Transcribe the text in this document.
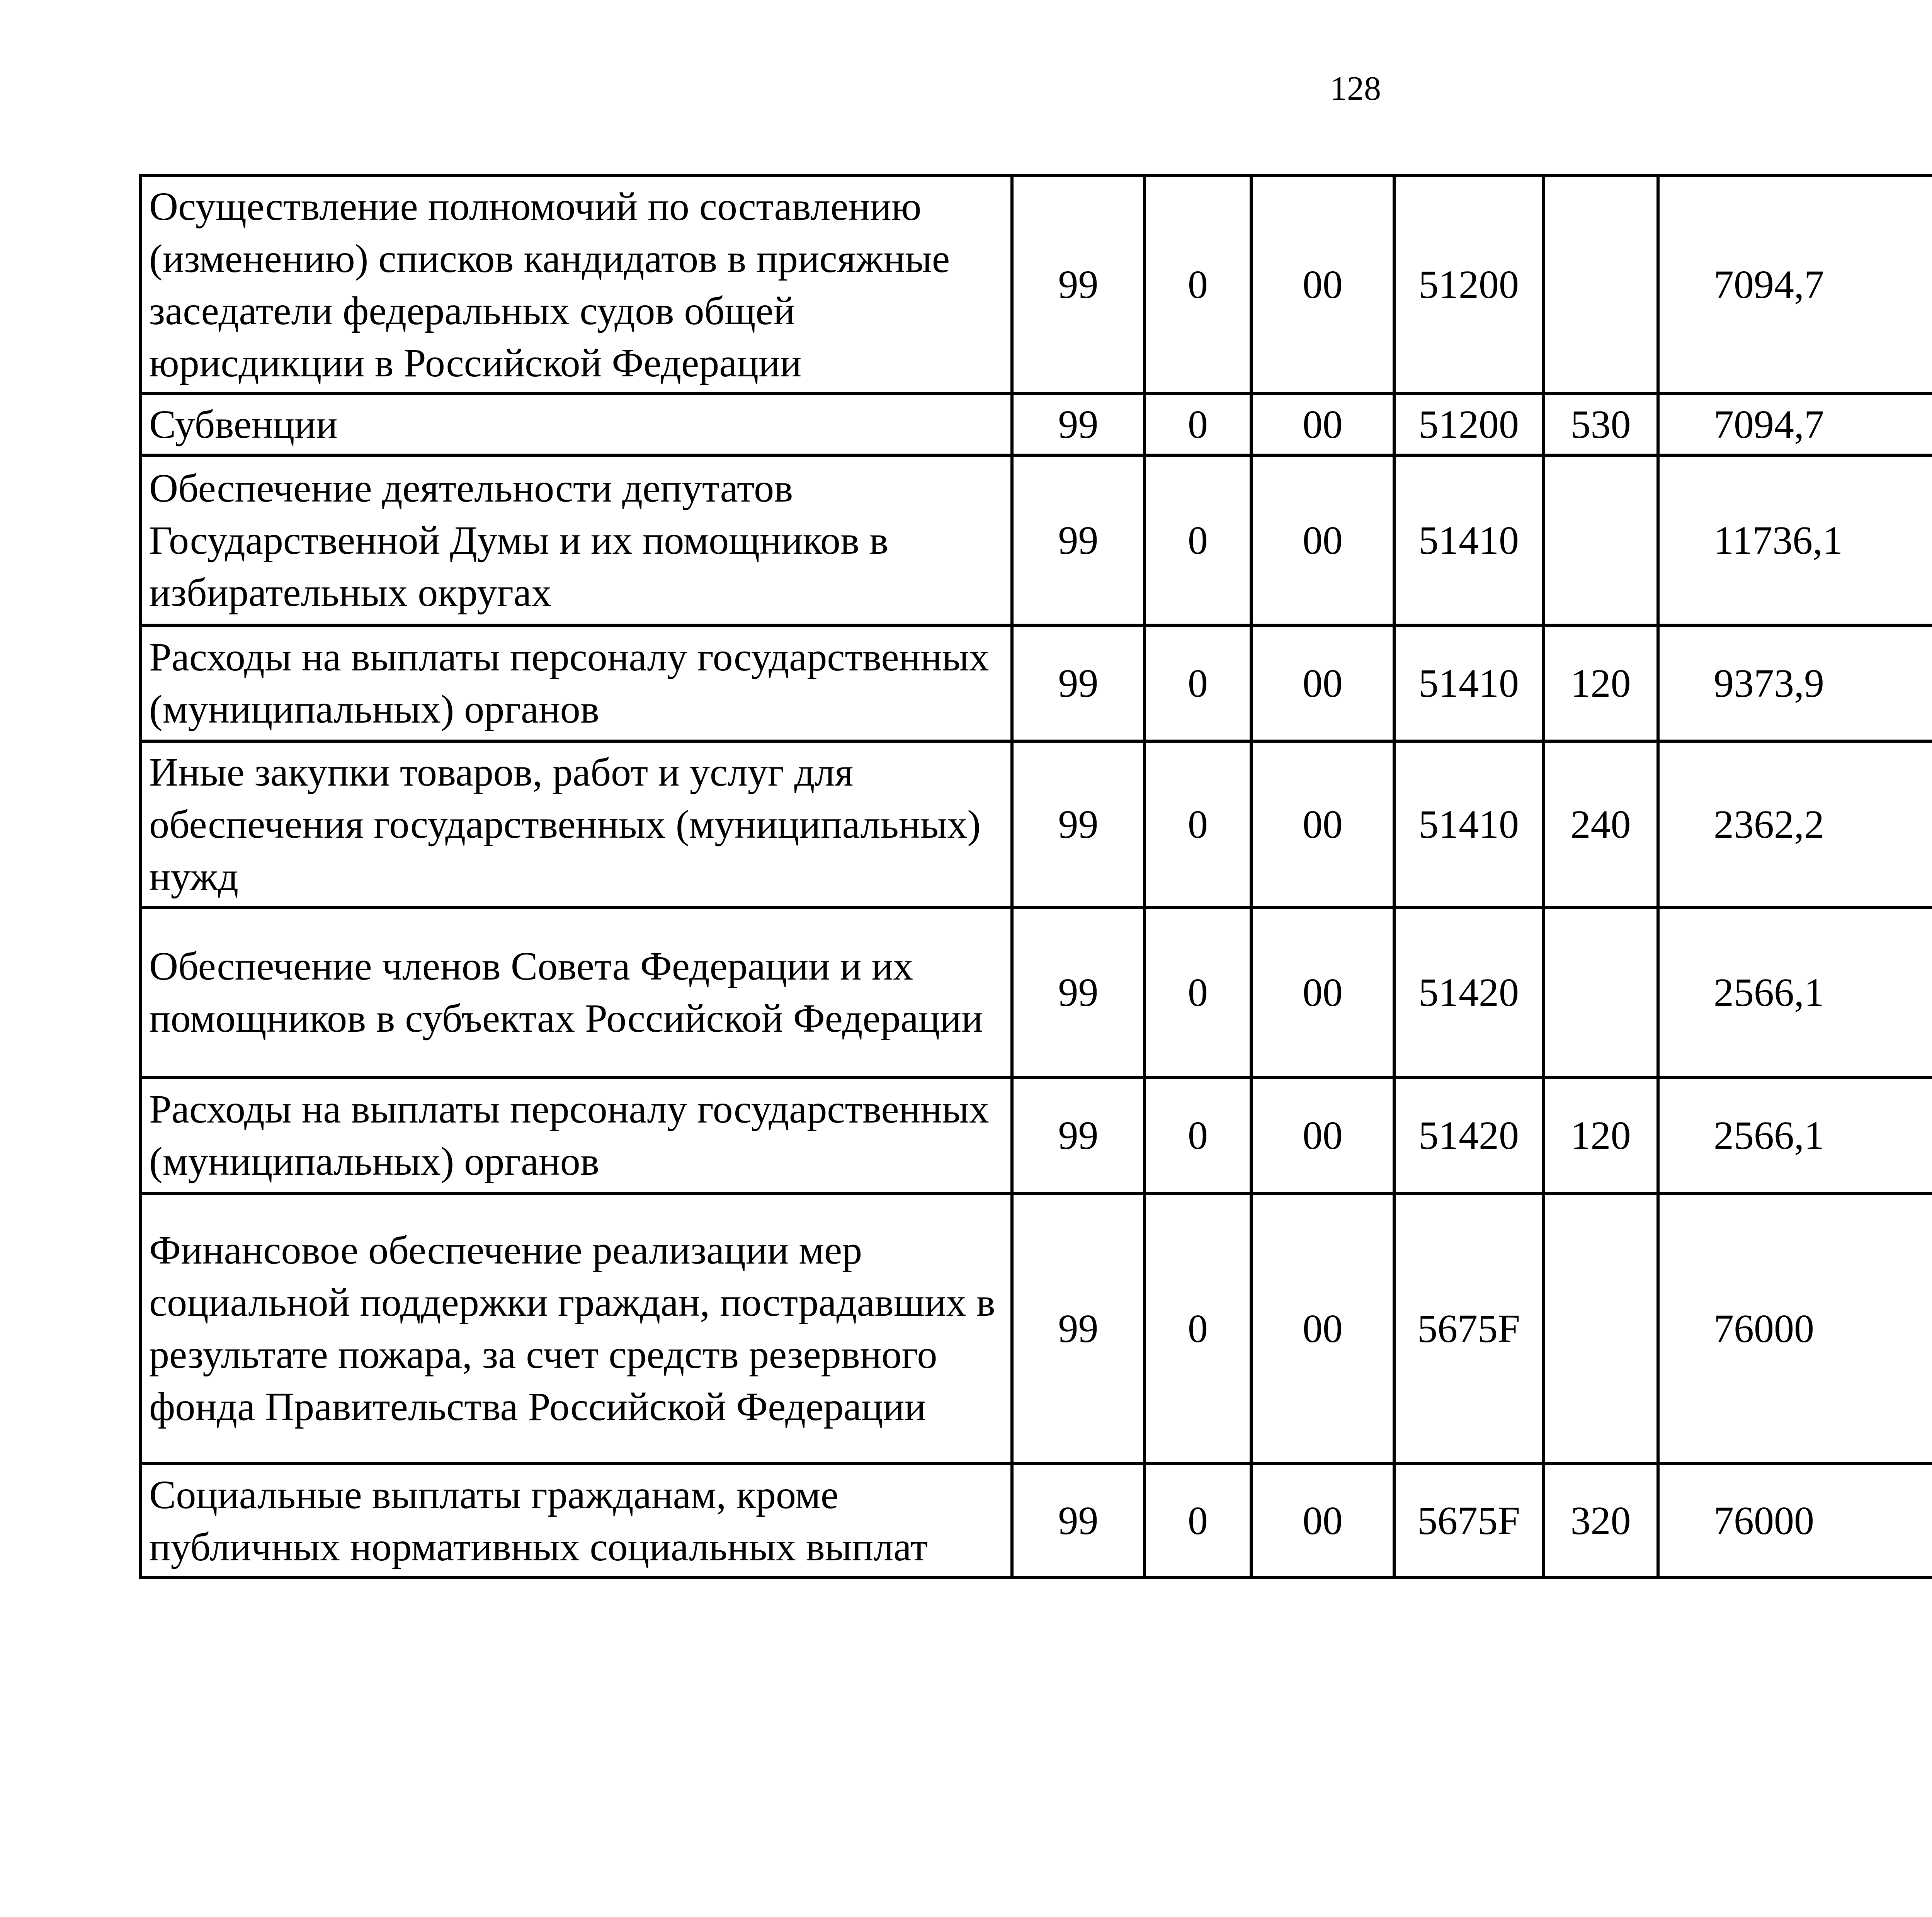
128
Осуществление полномочий по составлению (изменению) списков кандидатов в присяжные заседатели федеральных судов общей юрисдикции в Российской Федерации	99	0	00	51200		7094,7		
Субвенции	99	0	00	51200	530	7094,7		
Обеспечение деятельности депутатов Государственной Думы и их помощников в избирательных округах	99	0	00	51410		11736,1		
Расходы на выплаты персоналу государственных (муниципальных) органов	99	0	00	51410	120	9373,9		
Иные закупки товаров, работ и услуг для обеспечения государственных (муниципальных) нужд	99	0	00	51410	240	2362,2		
Обеспечение членов Совета Федерации и их помощников в субъектах Российской Федерации	99	0	00	51420		2566,1		
Расходы на выплаты персоналу государственных (муниципальных) органов	99	0	00	51420	120	2566,1		
Финансовое обеспечение реализации мер социальной поддержки граждан, пострадавших в результате пожара, за счет средств резервного фонда Правительства Российской Федерации	99	0	00	5675F		76000		
Социальные выплаты гражданам, кроме публичных нормативных социальных выплат	99	0	00	5675F	320	76000		
